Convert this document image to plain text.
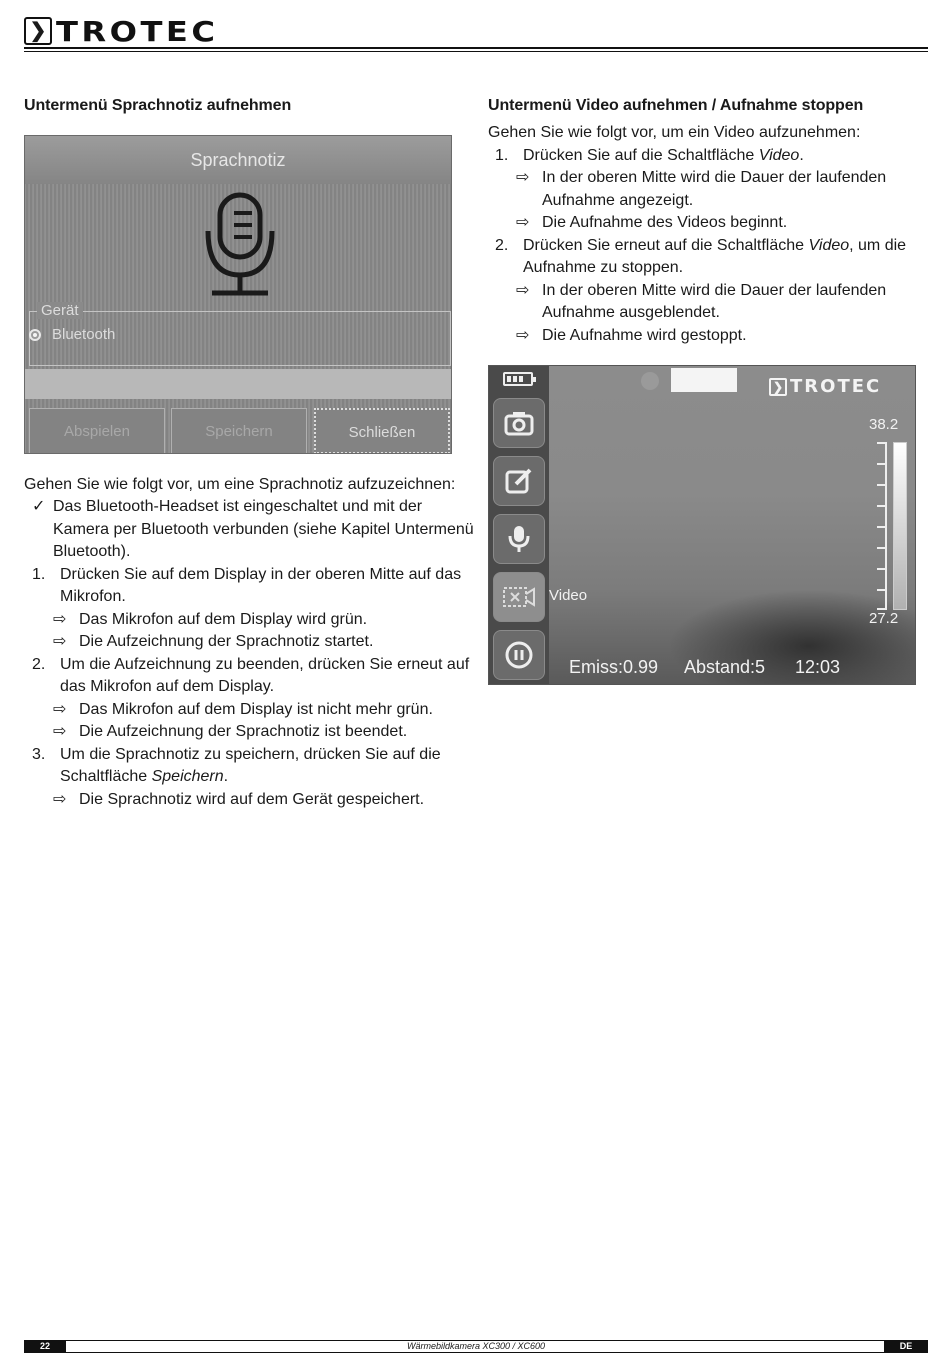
❯ TROTEC
Untermenü Sprachnotiz aufnehmen
Sprachnotiz
Gerät
Bluetooth
Abspielen	Speichern	Schließen
Gehen Sie wie folgt vor, um eine Sprachnotiz aufzuzeichnen:
✓ Das Bluetooth-Headset ist eingeschaltet und mit der
Kamera per Bluetooth verbunden (siehe Kapitel Untermenü
Bluetooth).
1. Drücken Sie auf dem Display in der oberen Mitte auf das
Mikrofon.
⇨ Das Mikrofon auf dem Display wird grün.
⇨ Die Aufzeichnung der Sprachnotiz startet.
2. Um die Aufzeichnung zu beenden, drücken Sie erneut auf
das Mikrofon auf dem Display.
⇨ Das Mikrofon auf dem Display ist nicht mehr grün.
⇨ Die Aufzeichnung der Sprachnotiz ist beendet.
3. Um die Sprachnotiz zu speichern, drücken Sie auf die
Schaltfläche Speichern.
⇨ Die Sprachnotiz wird auf dem Gerät gespeichert.
Untermenü Video aufnehmen / Aufnahme stoppen
Gehen Sie wie folgt vor, um ein Video aufzunehmen:
1. Drücken Sie auf die Schaltfläche Video.
⇨ In der oberen Mitte wird die Dauer der laufenden
Aufnahme angezeigt.
⇨ Die Aufnahme des Videos beginnt.
2. Drücken Sie erneut auf die Schaltfläche Video, um die
Aufnahme zu stoppen.
⇨ In der oberen Mitte wird die Dauer der laufenden
Aufnahme ausgeblendet.
⇨ Die Aufnahme wird gestoppt.
❯ TROTEC
Video
38.2
27.2
Emiss:0.99 Abstand:5 12:03
Wärmebildkamera XC300 / XC600
22	DE
